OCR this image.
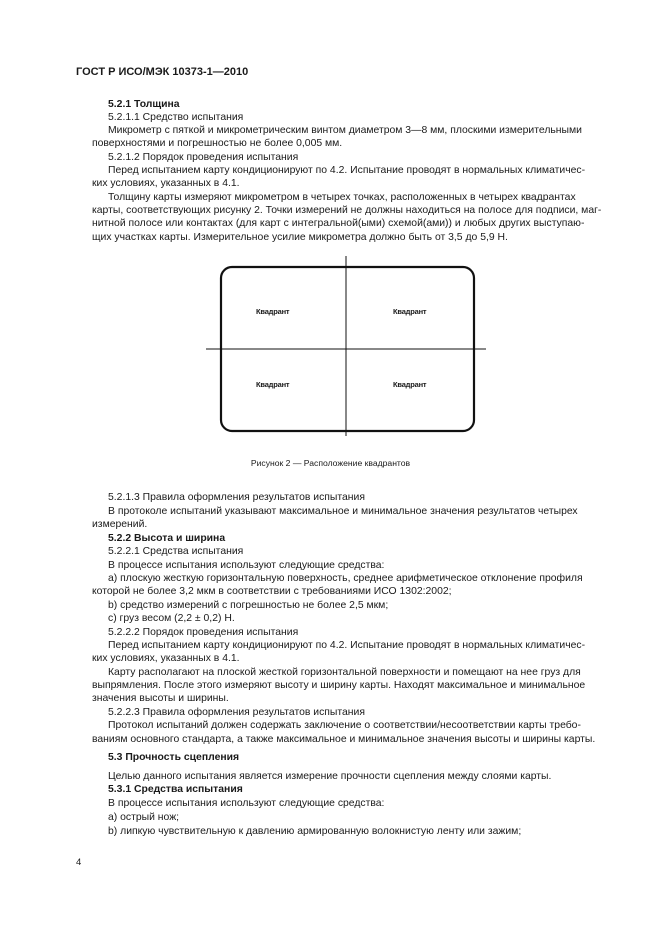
ГОСТ Р ИСО/МЭК 10373-1—2010
5.2.1 Толщина
5.2.1.1 Средство испытания
Микрометр с пяткой и микрометрическим винтом диаметром 3—8 мм, плоскими измерительными
поверхностями и погрешностью не более 0,005 мм.
5.2.1.2 Порядок проведения испытания
Перед испытанием карту кондиционируют по 4.2. Испытание проводят в нормальных климатичес-
ких условиях, указанных в 4.1.
Толщину карты измеряют микрометром в четырех точках, расположенных в четырех квадрантах
карты, соответствующих рисунку 2. Точки измерений не должны находиться на полосе для подписи, маг-
нитной полосе или контактах (для карт с интегральной(ыми) схемой(ами)) и любых других выступаю-
щих участках карты. Измерительное усилие микрометра должно быть от 3,5 до 5,9 Н.
Квадрант	Квадрант
Квадрант	Квадрант
Рисунок 2 — Расположение квадрантов
5.2.1.3 Правила оформления результатов испытания
В протоколе испытаний указывают максимальное и минимальное значения результатов четырех
измерений.
5.2.2 Высота и ширина
5.2.2.1 Средства испытания
В процессе испытания используют следующие средства:
a) плоскую жесткую горизонтальную поверхность, среднее арифметическое отклонение профиля
которой не более 3,2 мкм в соответствии с требованиями ИСО 1302:2002;
b) средство измерений с погрешностью не более 2,5 мкм;
c) груз весом (2,2 ± 0,2) Н.
5.2.2.2 Порядок проведения испытания
Перед испытанием карту кондиционируют по 4.2. Испытание проводят в нормальных климатичес-
ких условиях, указанных в 4.1.
Карту располагают на плоской жесткой горизонтальной поверхности и помещают на нее груз для
выпрямления. После этого измеряют высоту и ширину карты. Находят максимальное и минимальное
значения высоты и ширины.
5.2.2.3 Правила оформления результатов испытания
Протокол испытаний должен содержать заключение о соответствии/несоответствии карты требо-
ваниям основного стандарта, а также максимальное и минимальное значения высоты и ширины карты.
5.3 Прочность сцепления
Целью данного испытания является измерение прочности сцепления между слоями карты.
5.3.1 Средства испытания
В процессе испытания используют следующие средства:
a) острый нож;
b) липкую чувствительную к давлению армированную волокнистую ленту или зажим;
4
